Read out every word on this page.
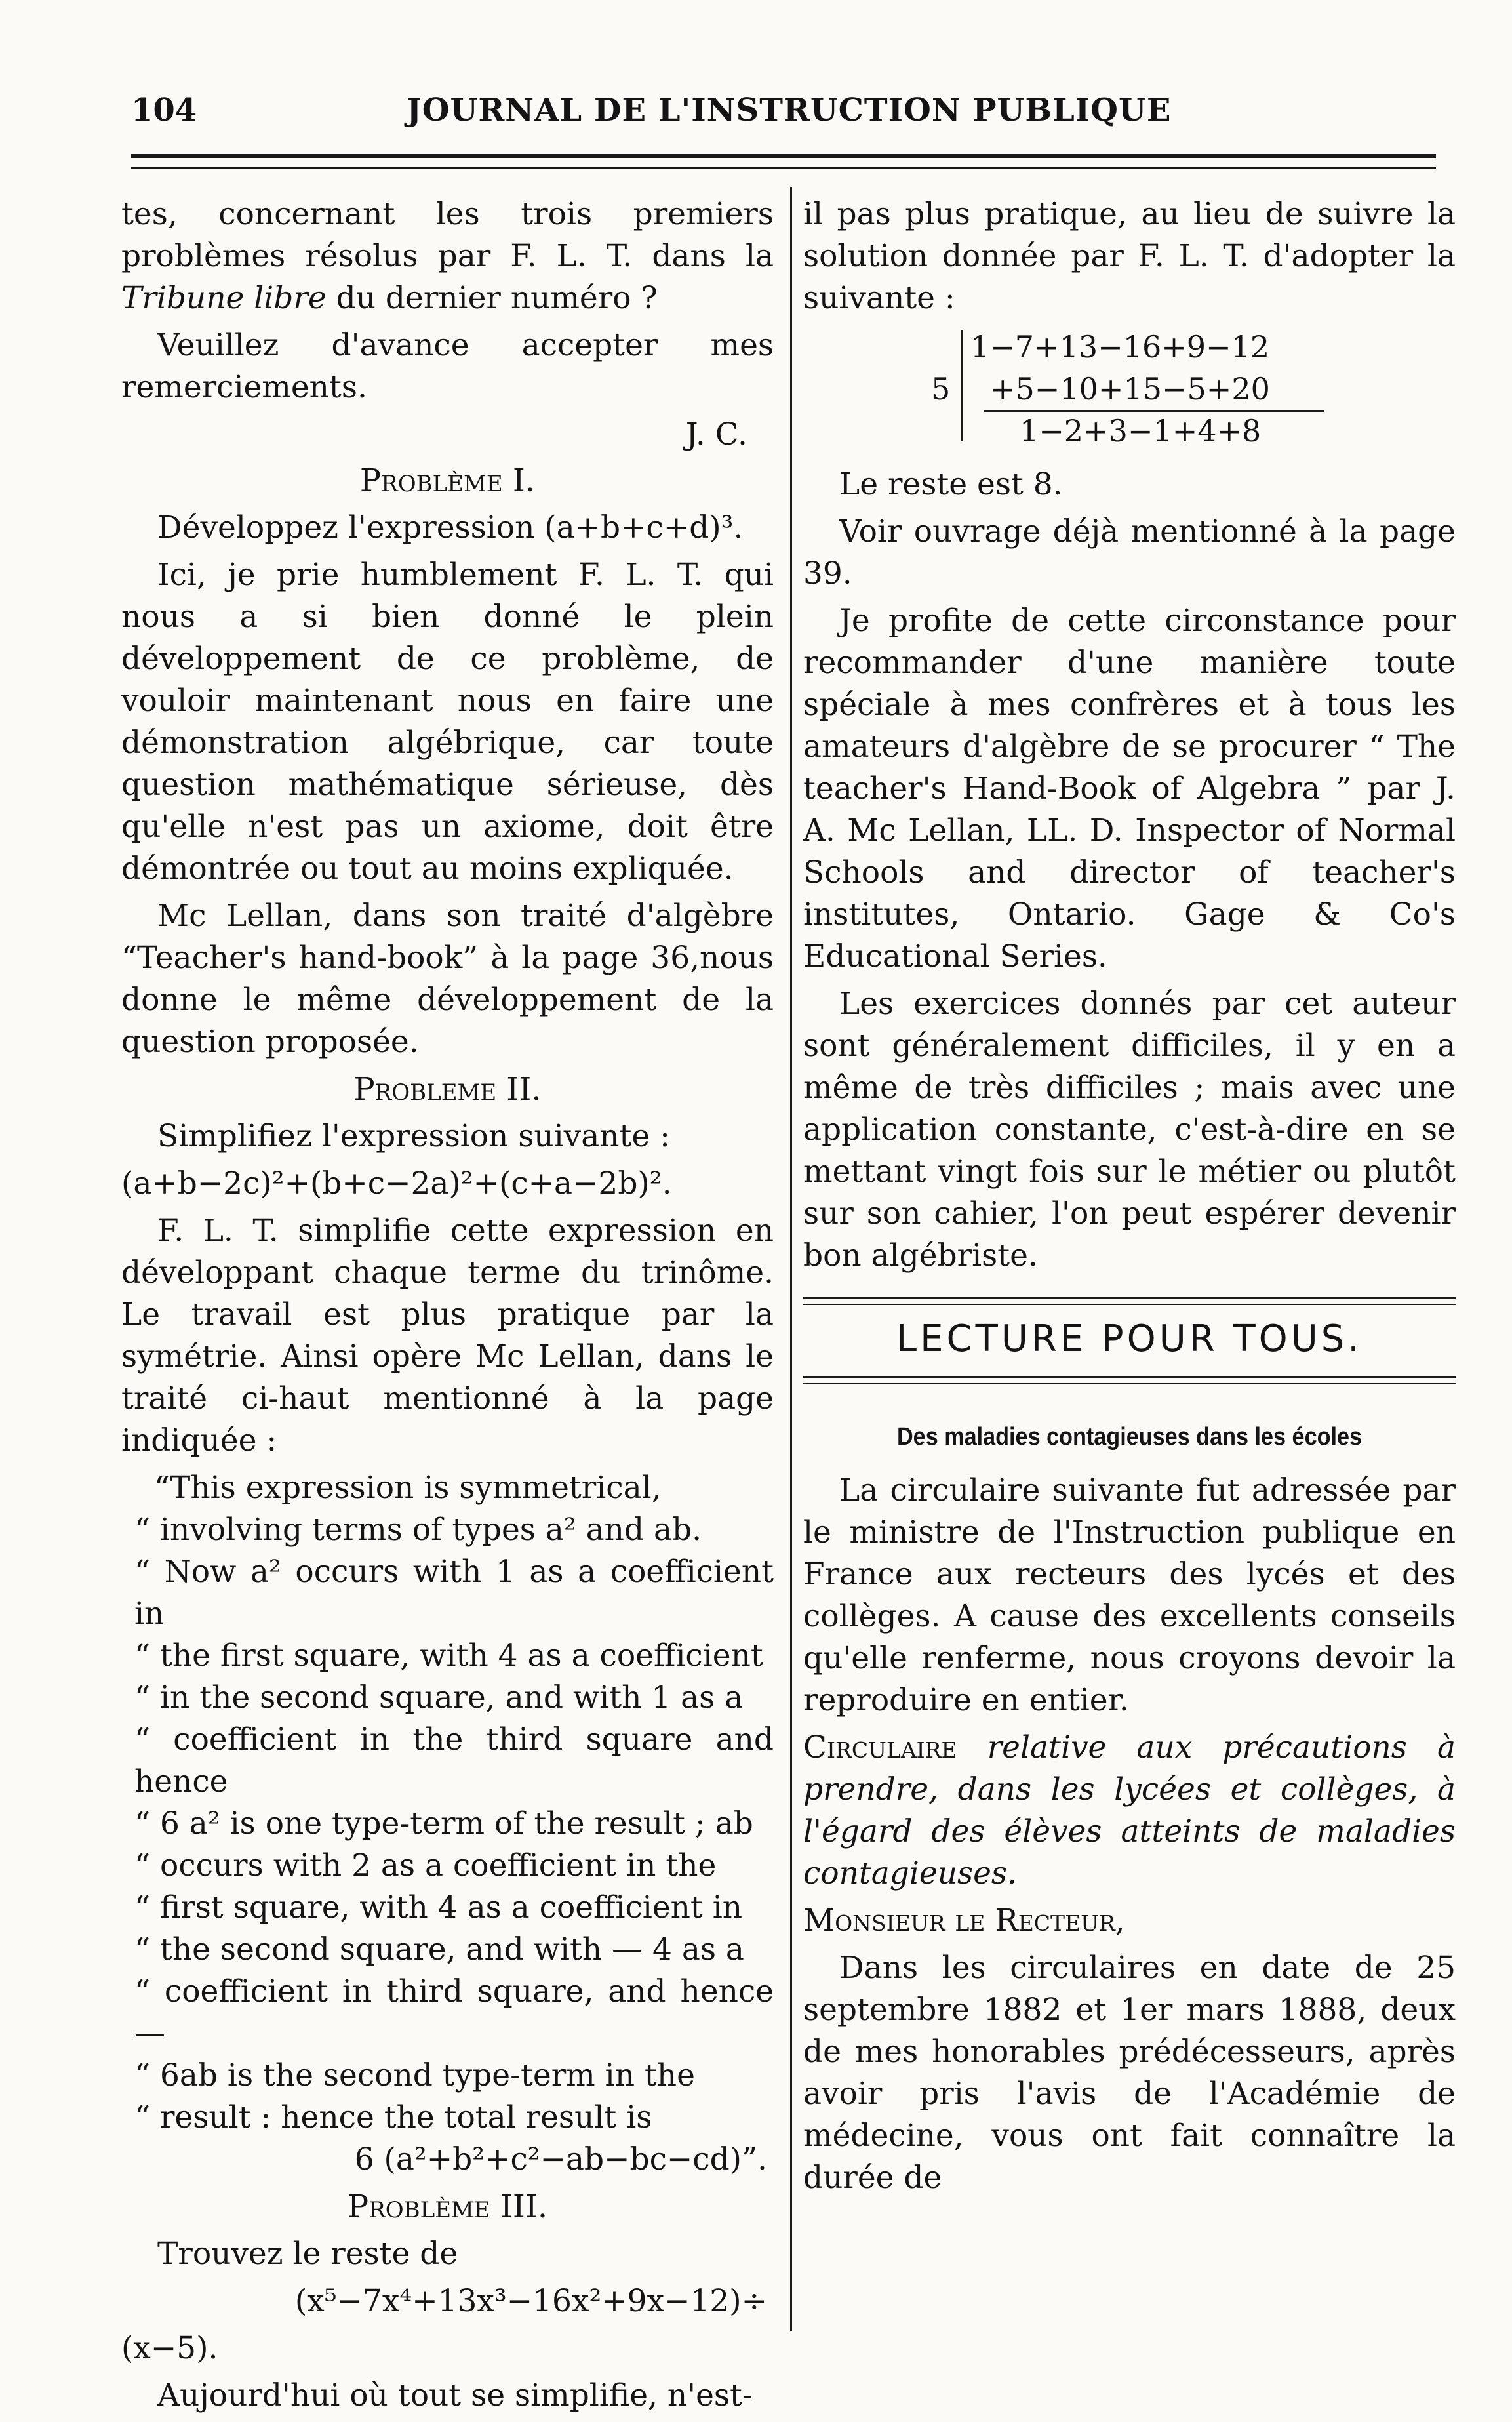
104	JOURNAL DE L'INSTRUCTION PUBLIQUE

tes, concernant les trois premiers problèmes résolus par F. L. T. dans la Tribune libre du dernier numéro ?

Veuillez d'avance accepter mes remerciements.

J. C.
Problème I.

Développez l'expression (a+b+c+d)³.

Ici, je prie humblement F. L. T. qui nous a si bien donné le plein développement de ce problème, de vouloir maintenant nous en faire une démonstration algébrique, car toute question mathématique sérieuse, dès qu'elle n'est pas un axiome, doit être démontrée ou tout au moins expliquée.

Mc Lellan, dans son traité d'algèbre “Teacher's hand-book” à la page 36,nous donne le même développement de la question proposée.

Probleme II.

Simplifiez l'expression suivante :

(a+b−2c)²+(b+c−2a)²+(c+a−2b)².

F. L. T. simplifie cette expression en développant chaque terme du trinôme. Le travail est plus pratique par la symétrie. Ainsi opère Mc Lellan, dans le traité ci-haut mentionné à la page indiquée :

“This expression is symmetrical,

“ involving terms of types a² and ab.

“ Now a² occurs with 1 as a coefficient in

“ the first square, with 4 as a coefficient

“ in the second square, and with 1 as a

“ coefficient in the third square and hence

“ 6 a² is one type-term of the result ; ab

“ occurs with 2 as a coefficient in the

“ first square, with 4 as a coefficient in

“ the second square, and with — 4 as a

“ coefficient in third square, and hence—

“ 6ab is the second type-term in the

“ result : hence the total result is

6 (a²+b²+c²−ab−bc−cd)”.
Problème III.

Trouvez le reste de

(x⁵−7x⁴+13x³−16x²+9x−12)÷

(x−5).

Aujourd'hui où tout se simplifie, n'est-

il pas plus pratique, au lieu de suivre la solution donnée par F. L. T. d'adopter la suivante :

5
1−7+13−16+9−12
+5−10+15−5+20
1−2+3−1+4+8

Le reste est 8.

Voir ouvrage déjà mentionné à la page 39.

Je profite de cette circonstance pour recommander d'une manière toute spéciale à mes confrères et à tous les amateurs d'algèbre de se procurer “ The teacher's Hand-Book of Algebra ” par J. A. Mc Lellan, LL. D. Inspector of Normal Schools and director of teacher's institutes, Ontario. Gage & Co's Educational Series.

Les exercices donnés par cet auteur sont généralement difficiles, il y en a même de très difficiles ; mais avec une application constante, c'est-à-dire en se mettant vingt fois sur le métier ou plutôt sur son cahier, l'on peut espérer devenir bon algébriste.

LECTURE POUR TOUS.
Des maladies contagieuses dans les écoles

La circulaire suivante fut adressée par le ministre de l'Instruction publique en France aux recteurs des lycés et des collèges. A cause des excellents conseils qu'elle renferme, nous croyons devoir la reproduire en entier.

Circulaire relative aux précautions à prendre, dans les lycées et collèges, à l'égard des élèves atteints de maladies contagieuses.

Monsieur le Recteur,

Dans les circulaires en date de 25 septembre 1882 et 1er mars 1888, deux de mes honorables prédécesseurs, après avoir pris l'avis de l'Académie de médecine, vous ont fait connaître la durée de
